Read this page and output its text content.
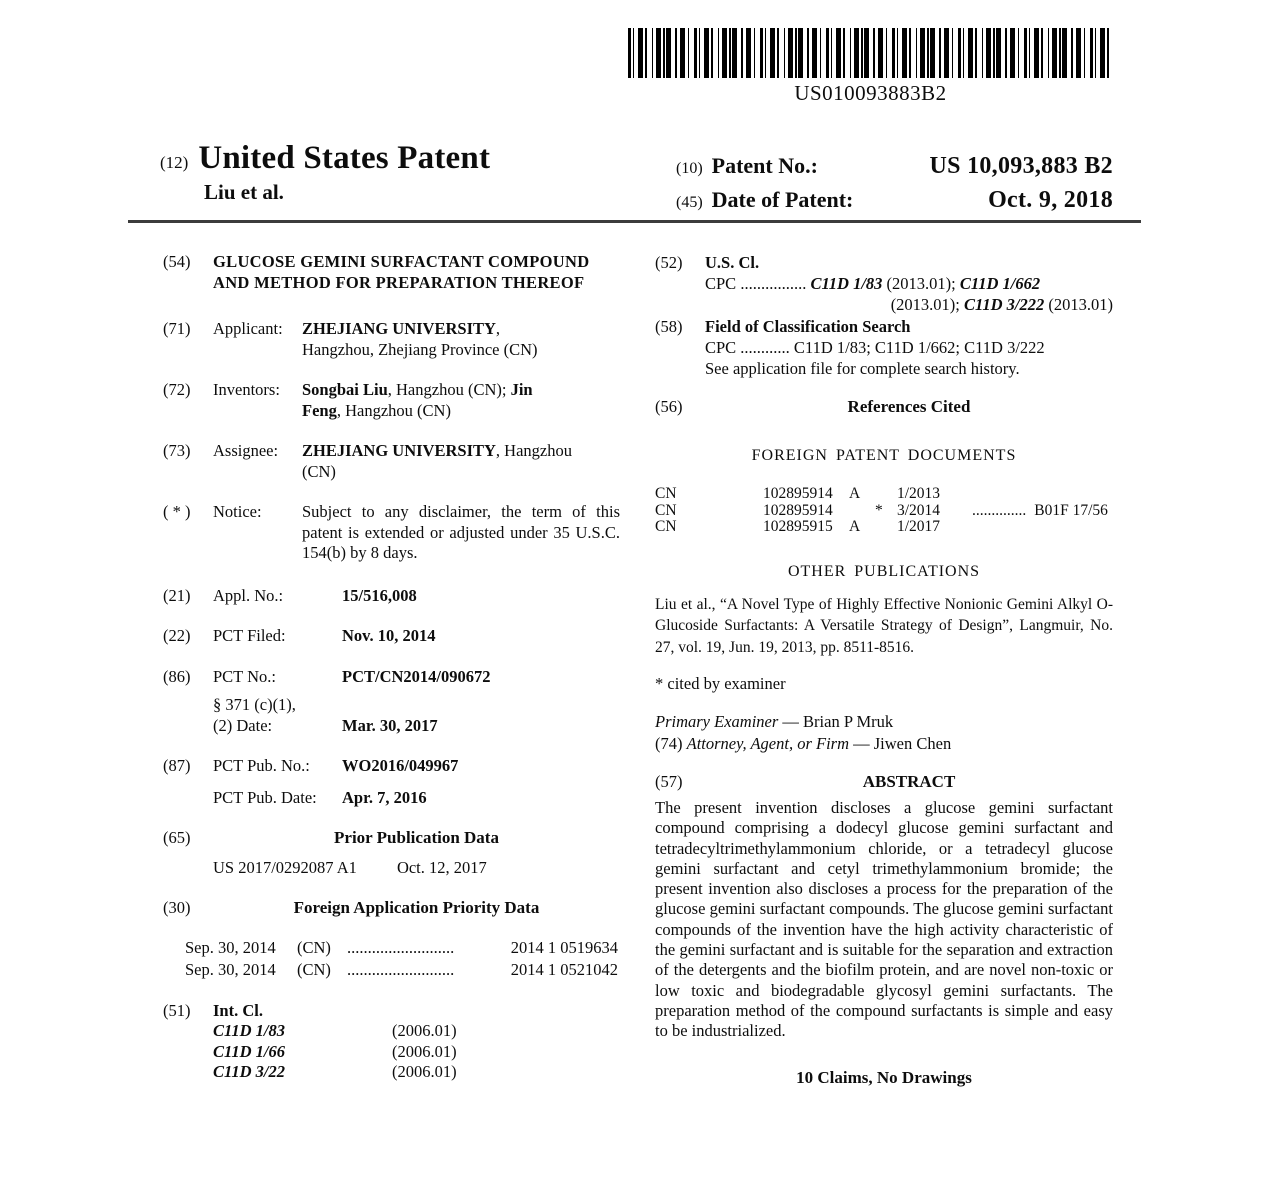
US010093883B2
(12) United States Patent
Liu et al.
(10) Patent No.:	US 10,093,883 B2
(45) Date of Patent:	Oct. 9, 2018
(54)	GLUCOSE GEMINI SURFACTANT COMPOUND AND METHOD FOR PREPARATION THEREOF
(71)	Applicant:	ZHEJIANG UNIVERSITY,
Hangzhou, Zhejiang Province (CN)
(72)	Inventors:	Songbai Liu, Hangzhou (CN); Jin
Feng, Hangzhou (CN)
(73)	Assignee:	ZHEJIANG UNIVERSITY, Hangzhou
(CN)
( * )	Notice:	Subject to any disclaimer, the term of this patent is extended or adjusted under 35 U.S.C. 154(b) by 8 days.
(21)	Appl. No.:	15/516,008
(22)	PCT Filed:	Nov. 10, 2014
(86)	PCT No.:	PCT/CN2014/090672
§ 371 (c)(1),
(2) Date:	Mar. 30, 2017
(87)	PCT Pub. No.:	WO2016/049967
PCT Pub. Date:	Apr. 7, 2016
(65)	Prior Publication Data
US 2017/0292087 A1 Oct. 12, 2017
(30)	Foreign Application Priority Data
Sep. 30, 2014	(CN) ..........................	2014 1 0519634
Sep. 30, 2014	(CN) ..........................	2014 1 0521042
(51)	Int. Cl.
C11D 1/83	(2006.01)
C11D 1/66	(2006.01)
C11D 3/22	(2006.01)
(52)	U.S. Cl.
CPC ................ C11D 1/83 (2013.01); C11D 1/662
(2013.01); C11D 3/222 (2013.01)
(58)	Field of Classification Search
CPC ............ C11D 1/83; C11D 1/662; C11D 3/222
See application file for complete search history.
(56)	References Cited
FOREIGN PATENT DOCUMENTS
CN	102895914	A	1/2013
CN	102895914	* 3/2014	.............. B01F 17/56
CN	102895915	A	1/2017
OTHER PUBLICATIONS
Liu et al., “A Novel Type of Highly Effective Nonionic Gemini Alkyl O-Glucoside Surfactants: A Versatile Strategy of Design”, Langmuir, No. 27, vol. 19, Jun. 19, 2013, pp. 8511-8516.
* cited by examiner
Primary Examiner — Brian P Mruk
(74) Attorney, Agent, or Firm — Jiwen Chen
(57)	ABSTRACT
The present invention discloses a glucose gemini surfactant compound comprising a dodecyl glucose gemini surfactant and tetradecyltrimethylammonium chloride, or a tetradecyl glucose gemini surfactant and cetyl trimethylammonium bromide; the present invention also discloses a process for the preparation of the glucose gemini surfactant compounds. The glucose gemini surfactant compounds of the invention have the high activity characteristic of the gemini surfactant and is suitable for the separation and extraction of the detergents and the biofilm protein, and are novel non-toxic or low toxic and biodegradable glycosyl gemini surfactants. The preparation method of the compound surfactants is simple and easy to be industrialized.
10 Claims, No Drawings
